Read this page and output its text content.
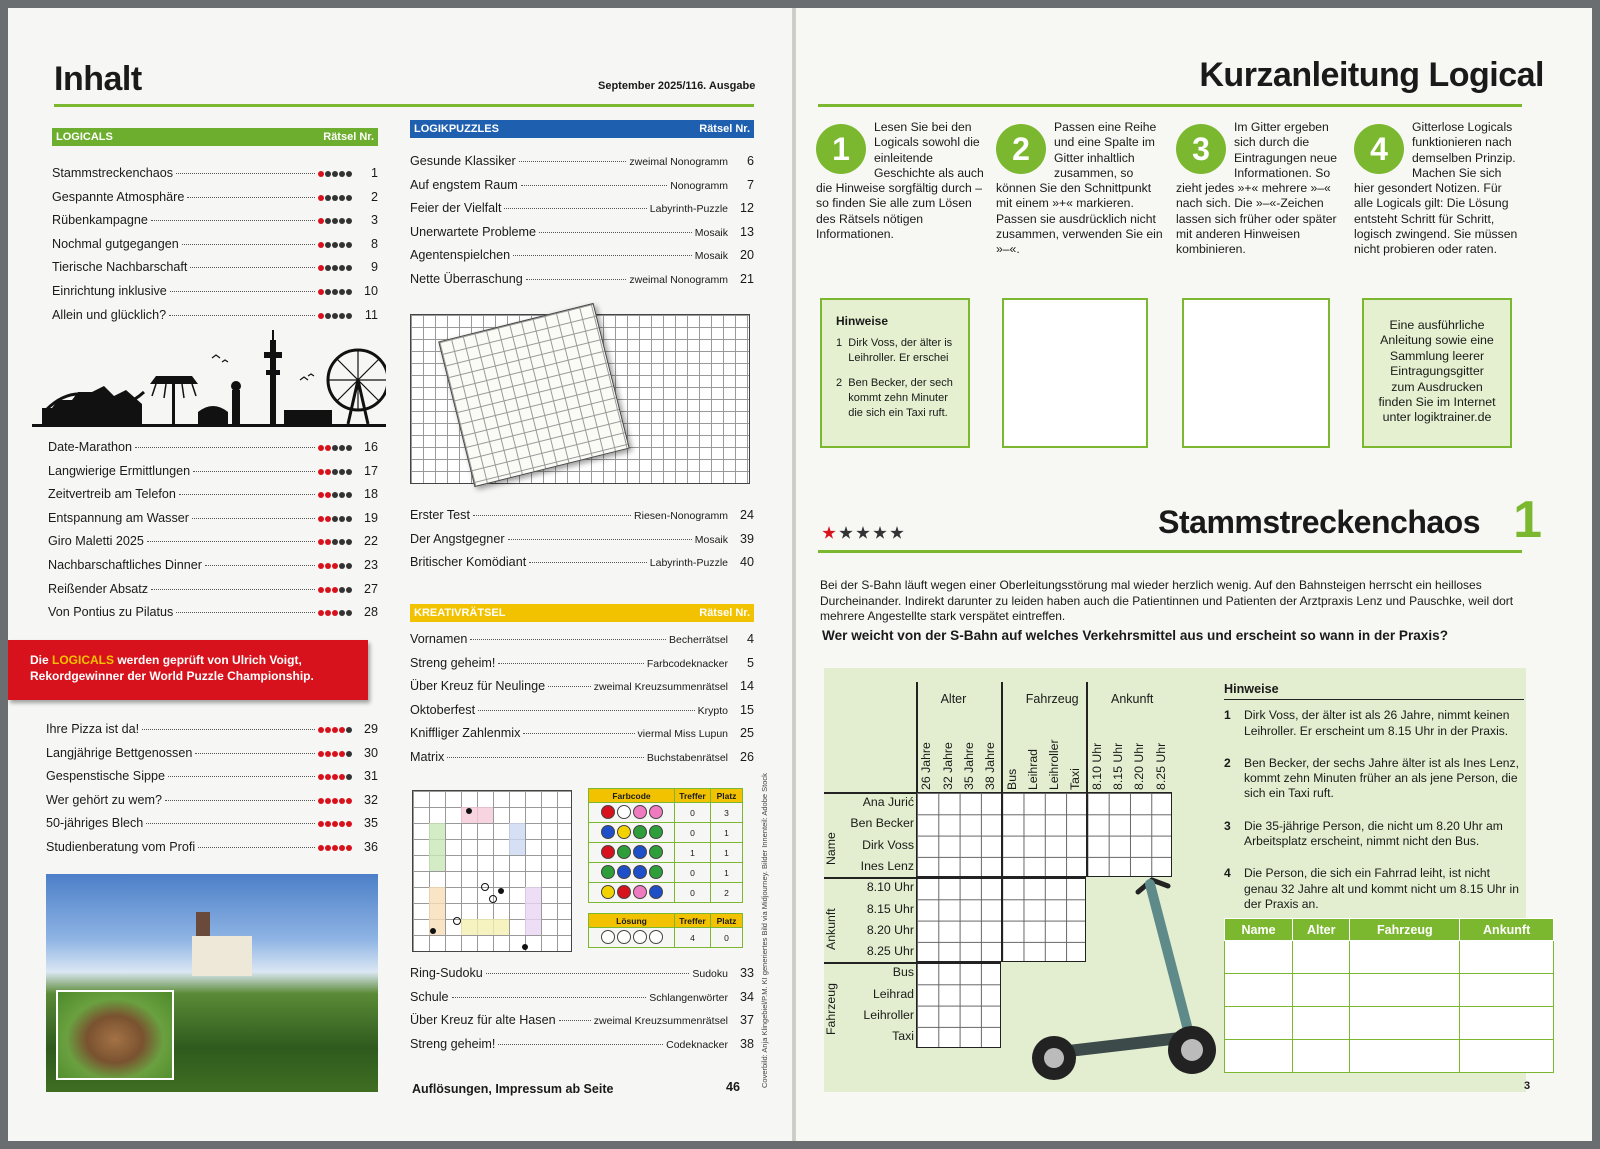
Inhalt	September 2025/116. Ausgabe
LOGICALS	Rätsel Nr.
Stammstreckenchaos	1
Gespannte Atmosphäre	2
Rübenkampagne	3
Nochmal gutgegangen	8
Tierische Nachbarschaft	9
Einrichtung inklusive	10
Allein und glücklich?	11
Date-Marathon	16
Langwierige Ermittlungen	17
Zeitvertreib am Telefon	18
Entspannung am Wasser	19
Giro Maletti 2025	22
Nachbarschaftliches Dinner	23
Reißender Absatz	27
Von Pontius zu Pilatus	28
Die LOGICALS werden geprüft von Ulrich Voigt,
Rekordgewinner der World Puzzle Championship.
Ihre Pizza ist da!	29
Langjährige Bettgenossen	30
Gespenstische Sippe	31
Wer gehört zu wem?	32
50-jähriges Blech	35
Studienberatung vom Profi	36
LOGIKPUZZLES	Rätsel Nr.
Gesunde Klassiker	zweimal Nonogramm	6
Auf engstem Raum	Nonogramm	7
Feier der Vielfalt	Labyrinth-Puzzle 12
Unerwartete Probleme	Mosaik 13
Agentenspielchen	Mosaik 20
Nette Überraschung	zweimal Nonogramm 21
Erster Test	Riesen-Nonogramm 24
Der Angstgegner	Mosaik 39
Britischer Komödiant	Labyrinth-Puzzle 40
KREATIVRÄTSEL	Rätsel Nr.
Vornamen	Becherrätsel	4
Streng geheim!	Farbcodeknacker	5
Über Kreuz für Neulinge	zweimal Kreuzsummenrätsel 14
Oktoberfest	Krypto 15
Kniffliger Zahlenmix	viermal Miss Lupun 25
Matrix	Buchstabenrätsel 26
Farbcode	Treffer	Platz
	0	3
	0	1
	1	1
	0	1
	0	2
Lösung	Treffer	Platz
	4	0
Ring-Sudoku	Sudoku 33
Schule	Schlangenwörter 34
Über Kreuz für alte Hasen	zweimal Kreuzsummenrätsel 37
Streng geheim!	Codeknacker 38
Auflösungen, Impressum ab Seite	46	Coverbild: Anja Klingebiel/P.M. KI generiertes Bild via Midjourney. Bilder Innenteil: Adobe Stock
Kurzanleitung Logical
1
Lesen Sie bei den Logicals sowohl die einleitende Geschichte als auch die Hinweise sorgfältig durch – so finden Sie alle zum Lösen des Rätsels nötigen Informationen.
2
Passen eine Reihe und eine Spalte im Gitter inhaltlich zusammen, so können Sie den Schnittpunkt mit einem »+« markieren. Passen sie ausdrücklich nicht zusammen, verwenden Sie ein »–«.
3
Im Gitter ergeben sich durch die Eintragungen neue Informationen. So zieht jedes »+« mehrere »–« nach sich. Die »–«-Zeichen lassen sich früher oder später mit anderen Hinweisen kombinieren.
4
Gitterlose Logicals funktionieren nach demselben Prinzip. Machen Sie sich hier gesondert Notizen. Für alle Logicals gilt: Die Lösung entsteht Schritt für Schritt, logisch zwingend. Sie müssen nicht probieren oder raten.
Hinweise

1 Dirk Voss, der älter is
Leihroller. Er erschei

2 Ben Becker, der sech
kommt zehn Minuter
die sich ein Taxi ruft.

Eine ausführliche Anleitung sowie eine Sammlung leerer Eintragungsgitter zum Ausdrucken finden Sie im Internet unter logiktrainer.de
Stammstreckenchaos 1
Bei der S-Bahn läuft wegen einer Oberleitungsstörung mal wieder herzlich wenig. Auf den Bahnsteigen herrscht ein heilloses Durcheinander. Indirekt darunter zu leiden haben auch die Patientinnen und Patienten der Arztpraxis Lenz und Pauschke, weil dort mehrere Angestellte stark verspätet eintreffen.
Wer weicht von der S-Bahn auf welches Verkehrsmittel aus und erscheint so wann in der Praxis?
Alter	Fahrzeug	Ankunft
26 Jahre 32 Jahre 35 Jahre 38 Jahre Bus Leihrad Leihroller Taxi 8.10 Uhr 8.15 Uhr 8.20 Uhr 8.25 Uhr
Name
Ankunft
Fahrzeug
Ana Jurić
Ben Becker
Dirk Voss
Ines Lenz
8.10 Uhr
8.15 Uhr
8.20 Uhr
8.25 Uhr
Bus
Leihrad
Leihroller
Taxi
Hinweise
1	Dirk Voss, der älter ist als 26 Jahre, nimmt keinen Leihroller. Er erscheint um 8.15 Uhr in der Praxis.
2	Ben Becker, der sechs Jahre älter ist als Ines Lenz, kommt zehn Minuten früher an als jene Person, die sich ein Taxi ruft.
3	Die 35-jährige Person, die nicht um 8.20 Uhr am Arbeitsplatz erscheint, nimmt nicht den Bus.
4	Die Person, die sich ein Fahrrad leiht, ist nicht genau 32 Jahre alt und kommt nicht um 8.15 Uhr in der Praxis an.
Name	Alter	Fahrzeug	Ankunft

3
